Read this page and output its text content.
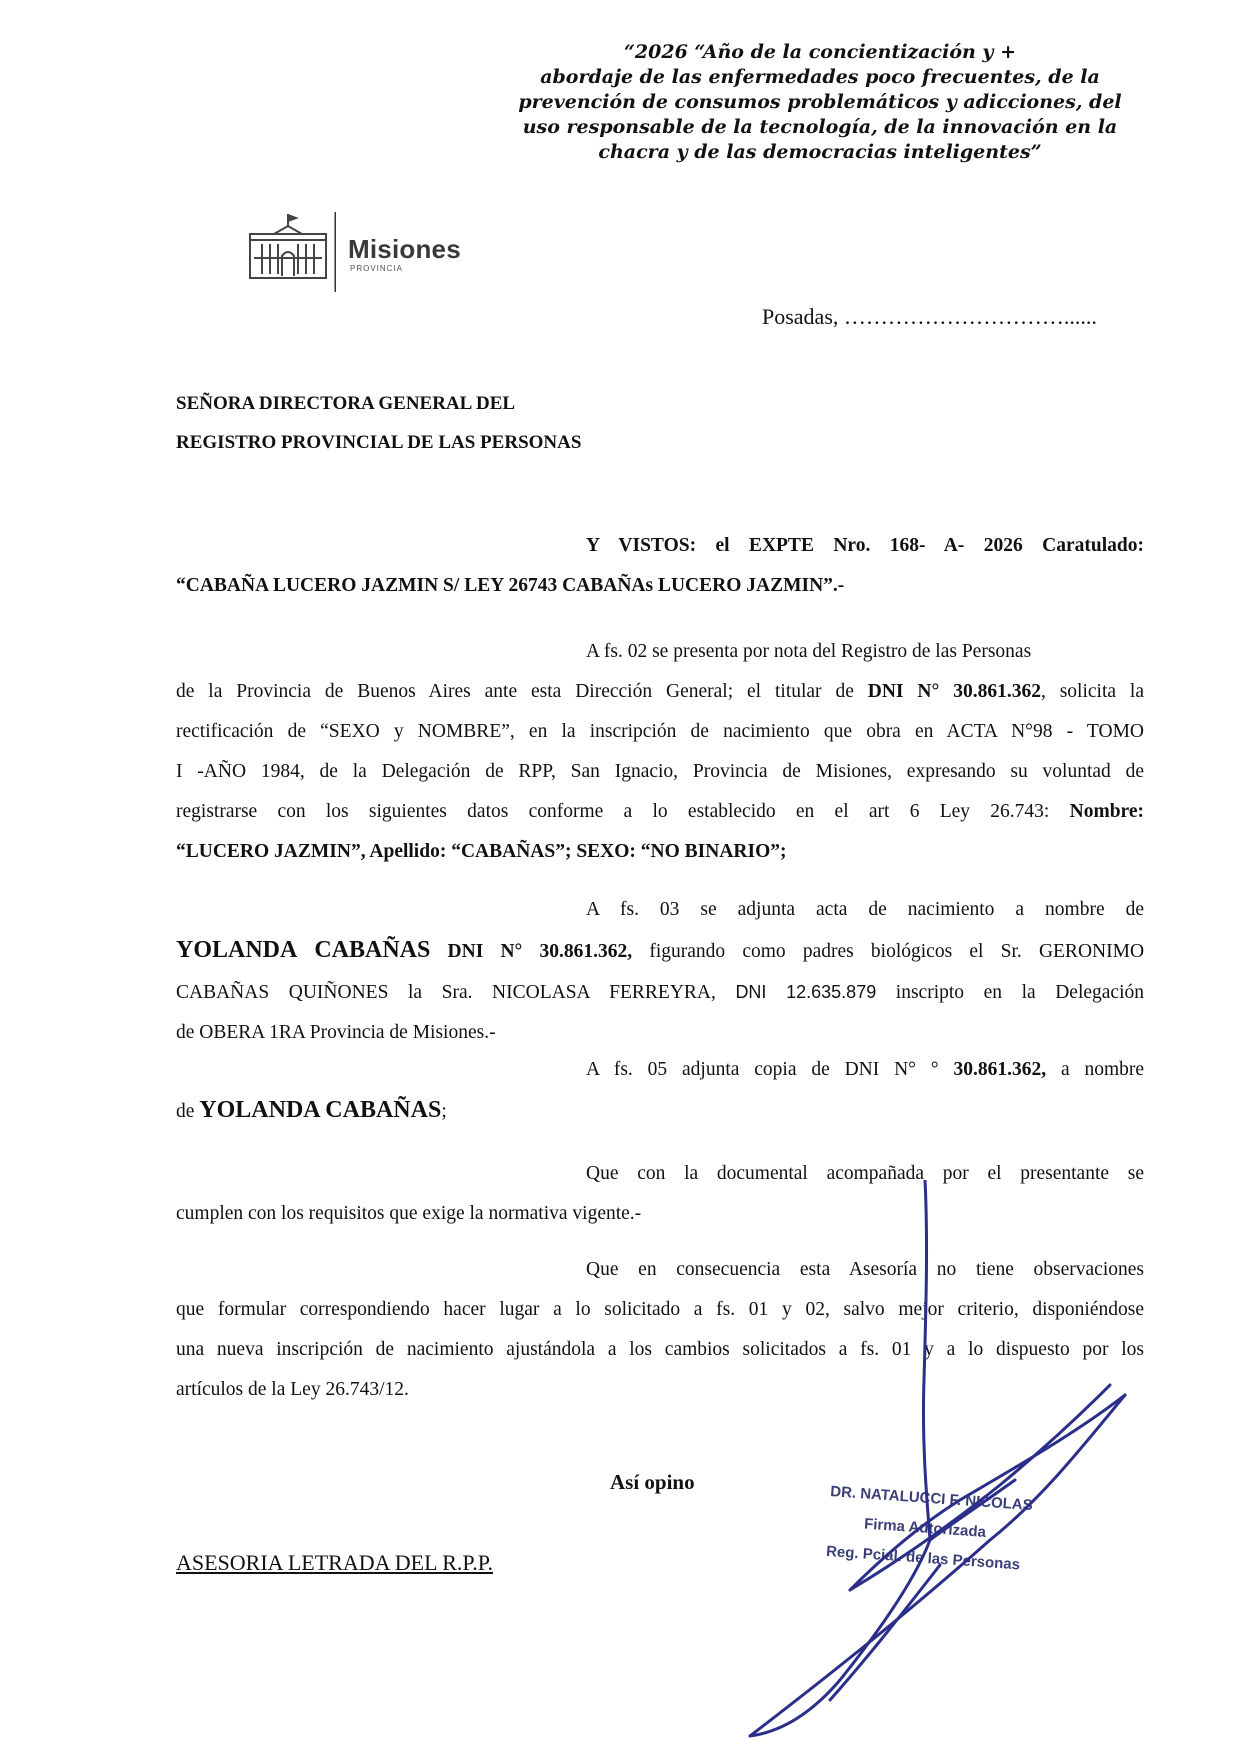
“2026 “Año de la concientización y +
abordaje de las enfermedades poco frecuentes, de la
prevención de consumos problemáticos y adicciones, del
uso responsable de la tecnología, de la innovación en la
chacra y de las democracias inteligentes”
Misiones
PROVINCIA
Posadas, …………………………......
SEÑORA DIRECTORA GENERAL DEL
REGISTRO PROVINCIAL DE LAS PERSONAS
Y VISTOS: el EXPTE Nro. 168- A- 2026 Caratulado:
“CABAÑA LUCERO JAZMIN S/ LEY 26743 CABAÑAs LUCERO JAZMIN”.-
A fs. 02 se presenta por nota del Registro de las Personas
de la Provincia de Buenos Aires ante esta Dirección General; el titular de DNI N° 30.861.362, solicita la
rectificación de “SEXO y NOMBRE”, en la inscripción de nacimiento que obra en ACTA N°98 - TOMO
I -AÑO 1984, de la Delegación de RPP, San Ignacio, Provincia de Misiones, expresando su voluntad de
registrarse con los siguientes datos conforme a lo establecido en el art 6 Ley 26.743: Nombre:
“LUCERO JAZMIN”, Apellido: “CABAÑAS”; SEXO: “NO BINARIO”;
A fs. 03 se adjunta acta de nacimiento a nombre de
YOLANDA CABAÑAS DNI N° 30.861.362, figurando como padres biológicos el Sr. GERONIMO
CABAÑAS QUIÑONES la Sra. NICOLASA FERREYRA, DNI 12.635.879 inscripto en la Delegación
de OBERA 1RA Provincia de Misiones.-
A fs. 05 adjunta copia de DNI N° ° 30.861.362, a nombre
de YOLANDA CABAÑAS;
Que con la documental acompañada por el presentante se
cumplen con los requisitos que exige la normativa vigente.-
Que en consecuencia esta Asesoría no tiene observaciones
que formular correspondiendo hacer lugar a lo solicitado a fs. 01 y 02, salvo mejor criterio, disponiéndose
una nueva inscripción de nacimiento ajustándola a los cambios solicitados a fs. 01 y a lo dispuesto por los
artículos de la Ley 26.743/12.
Así opino
ASESORIA LETRADA DEL R.P.P.
DR. NATALUCCI F. NICOLAS
Firma Autorizada
Reg. Pcial. de las Personas
